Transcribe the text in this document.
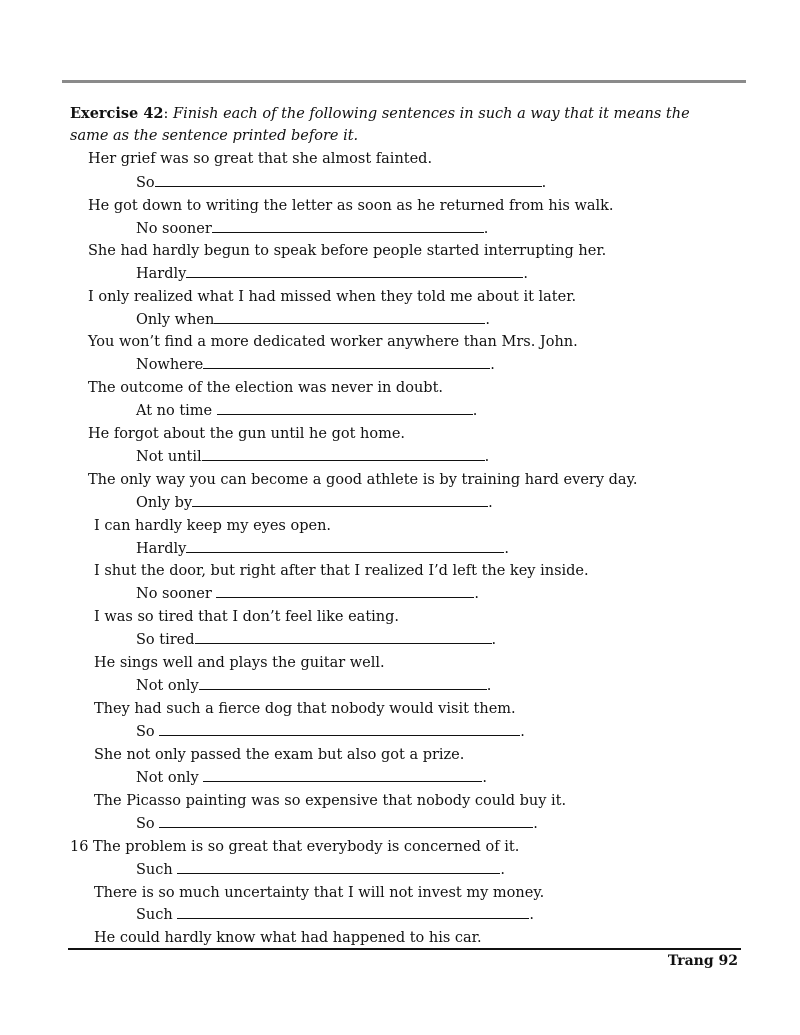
Exercise 42: Finish each of the following sentences in such a way that it means the same as the sentence printed before it.
Her grief was so great that she almost fainted.
So	.
He got down to writing the letter as soon as he returned from his walk.
No sooner	.
She had hardly begun to speak before people started interrupting her.
Hardly	.
I only realized what I had missed when they told me about it later.
Only when	.
You won’t find a more dedicated worker anywhere than Mrs. John.
Nowhere	.
The outcome of the election was never in doubt.
At no time	.
He forgot about the gun until he got home.
Not until	.
The only way you can become a good athlete is by training hard every day.
Only by	.
I can hardly keep my eyes open.
Hardly	.
I shut the door, but right after that I realized I’d left the key inside.
No sooner	.
I was so tired that I don’t feel like eating.
So tired	.
He sings well and plays the guitar well.
Not only	.
They had such a fierce dog that nobody would visit them.
So	.
She not only passed the exam but also got a prize.
Not only	.
The Picasso painting was so expensive that nobody could buy it.
So	.
16 The problem is so great that everybody is concerned of it.
Such	.
There is so much uncertainty that I will not invest my money.
Such	.
He could hardly know what had happened to his car.
Trang 92
